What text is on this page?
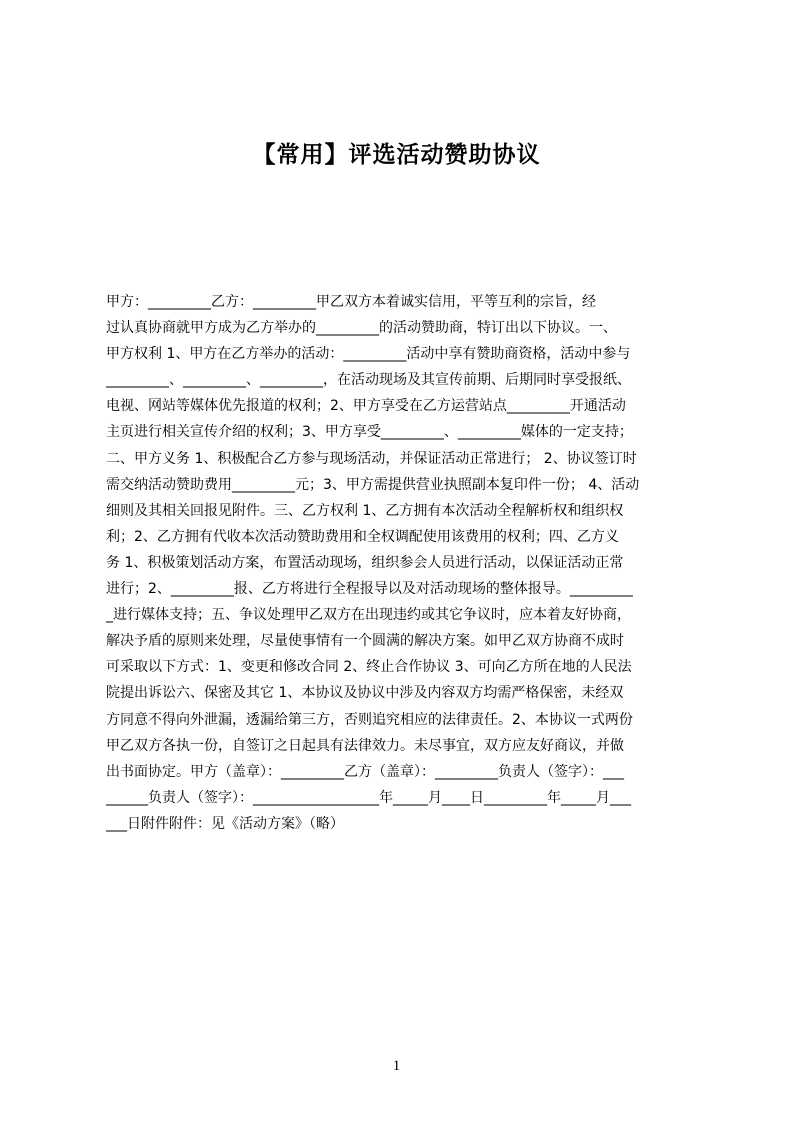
【常用】评选活动赞助协议
甲方：_________乙方：_________甲乙双方本着诚实信用，平等互利的宗旨，经
过认真协商就甲方成为乙方举办的_________的活动赞助商，特订出以下协议。一、
甲方权利 1、甲方在乙方举办的活动：_________活动中享有赞助商资格，活动中参与
_________、_________、_________，在活动现场及其宣传前期、后期同时享受报纸、
电视、网站等媒体优先报道的权利；2、甲方享受在乙方运营站点_________开通活动
主页进行相关宣传介绍的权利；3、甲方享受_________、_________媒体的一定支持；
二、甲方义务 1、积极配合乙方参与现场活动，并保证活动正常进行； 2、协议签订时
需交纳活动赞助费用_________元；3、甲方需提供营业执照副本复印件一份； 4、活动
细则及其相关回报见附件。三、乙方权利 1、乙方拥有本次活动全程解析权和组织权
利；2、乙方拥有代收本次活动赞助费用和全权调配使用该费用的权利；四、乙方义
务 1、积极策划活动方案，布置活动现场，组织参会人员进行活动，以保证活动正常
进行；2、_________报、乙方将进行全程报导以及对活动现场的整体报导。_________
_进行媒体支持；五、争议处理甲乙双方在出现违约或其它争议时，应本着友好协商，
解决予盾的原则来处理，尽量使事情有一个圆满的解决方案。如甲乙双方协商不成时
可采取以下方式：1、变更和修改合同 2、终止合作协议 3、可向乙方所在地的人民法
院提出诉讼六、保密及其它 1、本协议及协议中涉及内容双方均需严格保密，未经双
方同意不得向外泄漏，透漏给第三方，否则追究相应的法律责任。2、本协议一式两份
甲乙双方各执一份，自签订之日起具有法律效力。未尽事宜，双方应友好商议，并做
出书面协定。甲方（盖章）：_________乙方（盖章）：_________负责人（签字）：___
______负责人（签字）：__________________年_____月____日_________年_____月___
___日附件附件：见《活动方案》（略）
1
